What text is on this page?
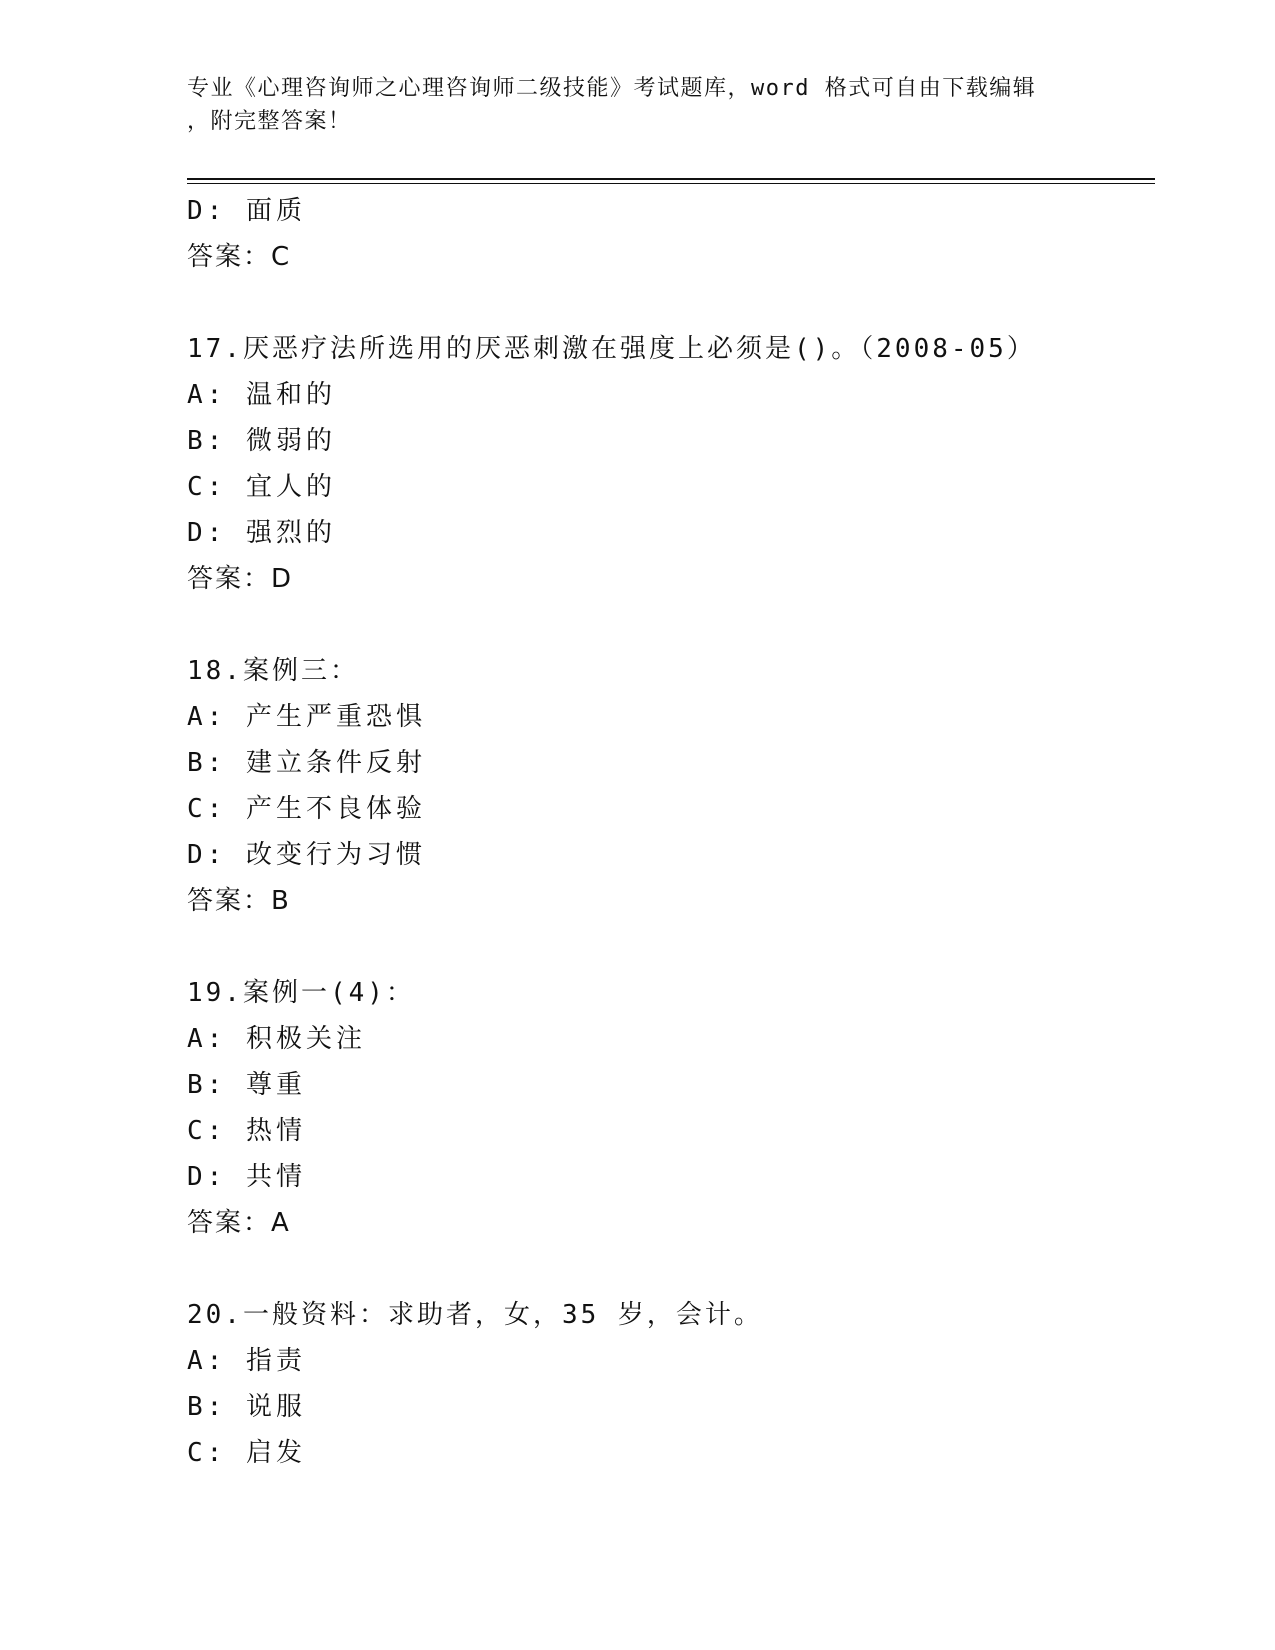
专业《心理咨询师之心理咨询师二级技能》考试题库，word 格式可自由下载编辑
，附完整答案！
D: 面质
答案：C
17.厌恶疗法所选用的厌恶刺激在强度上必须是()。（2008-05）
A: 温和的
B: 微弱的
C: 宜人的
D: 强烈的
答案：D
18.案例三：
A: 产生严重恐惧
B: 建立条件反射
C: 产生不良体验
D: 改变行为习惯
答案：B
19.案例一(4)：
A: 积极关注
B: 尊重
C: 热情
D: 共情
答案：A
20.一般资料：求助者，女，35 岁，会计。
A: 指责
B: 说服
C: 启发
